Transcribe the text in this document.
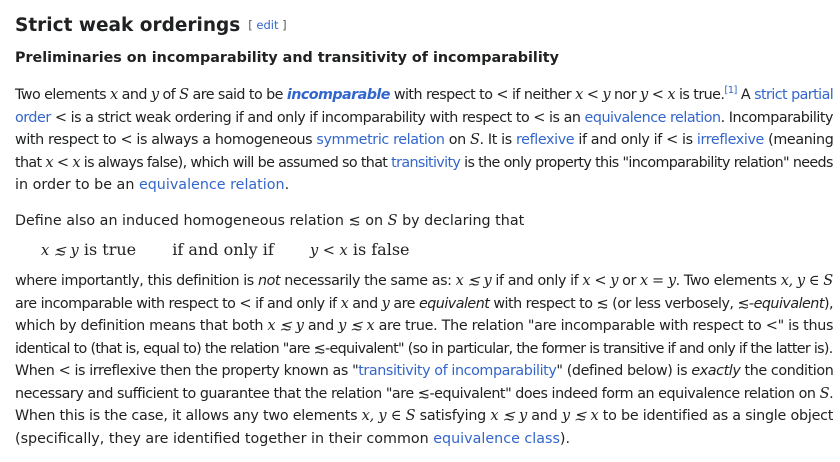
Strict weak orderings [ edit ]
Preliminaries on incomparability and transitivity of incomparability
Two elements x and y of S are said to be incomparable with respect to < if neither x < y nor y < x is true.[1] A strict partial
order < is a strict weak ordering if and only if incomparability with respect to < is an equivalence relation. Incomparability
with respect to < is always a homogeneous symmetric relation on S. It is reflexive if and only if < is irreflexive (meaning
that x < x is always false), which will be assumed so that transitivity is the only property this "incomparability relation" needs
in order to be an equivalence relation.
Define also an induced homogeneous relation ≲ on S by declaring that
x ≲ y is true if and only if y < x is false
where importantly, this definition is not necessarily the same as: x ≲ y if and only if x < y or x = y. Two elements x, y ∈ S
are incomparable with respect to < if and only if x and y are equivalent with respect to ≲ (or less verbosely, ≲-equivalent),
which by definition means that both x ≲ y and y ≲ x are true. The relation "are incomparable with respect to <" is thus
identical to (that is, equal to) the relation "are ≲-equivalent" (so in particular, the former is transitive if and only if the latter is).
When < is irreflexive then the property known as "transitivity of incomparability" (defined below) is exactly the condition
necessary and sufficient to guarantee that the relation "are ≲-equivalent" does indeed form an equivalence relation on S.
When this is the case, it allows any two elements x, y ∈ S satisfying x ≲ y and y ≲ x to be identified as a single object
(specifically, they are identified together in their common equivalence class).
